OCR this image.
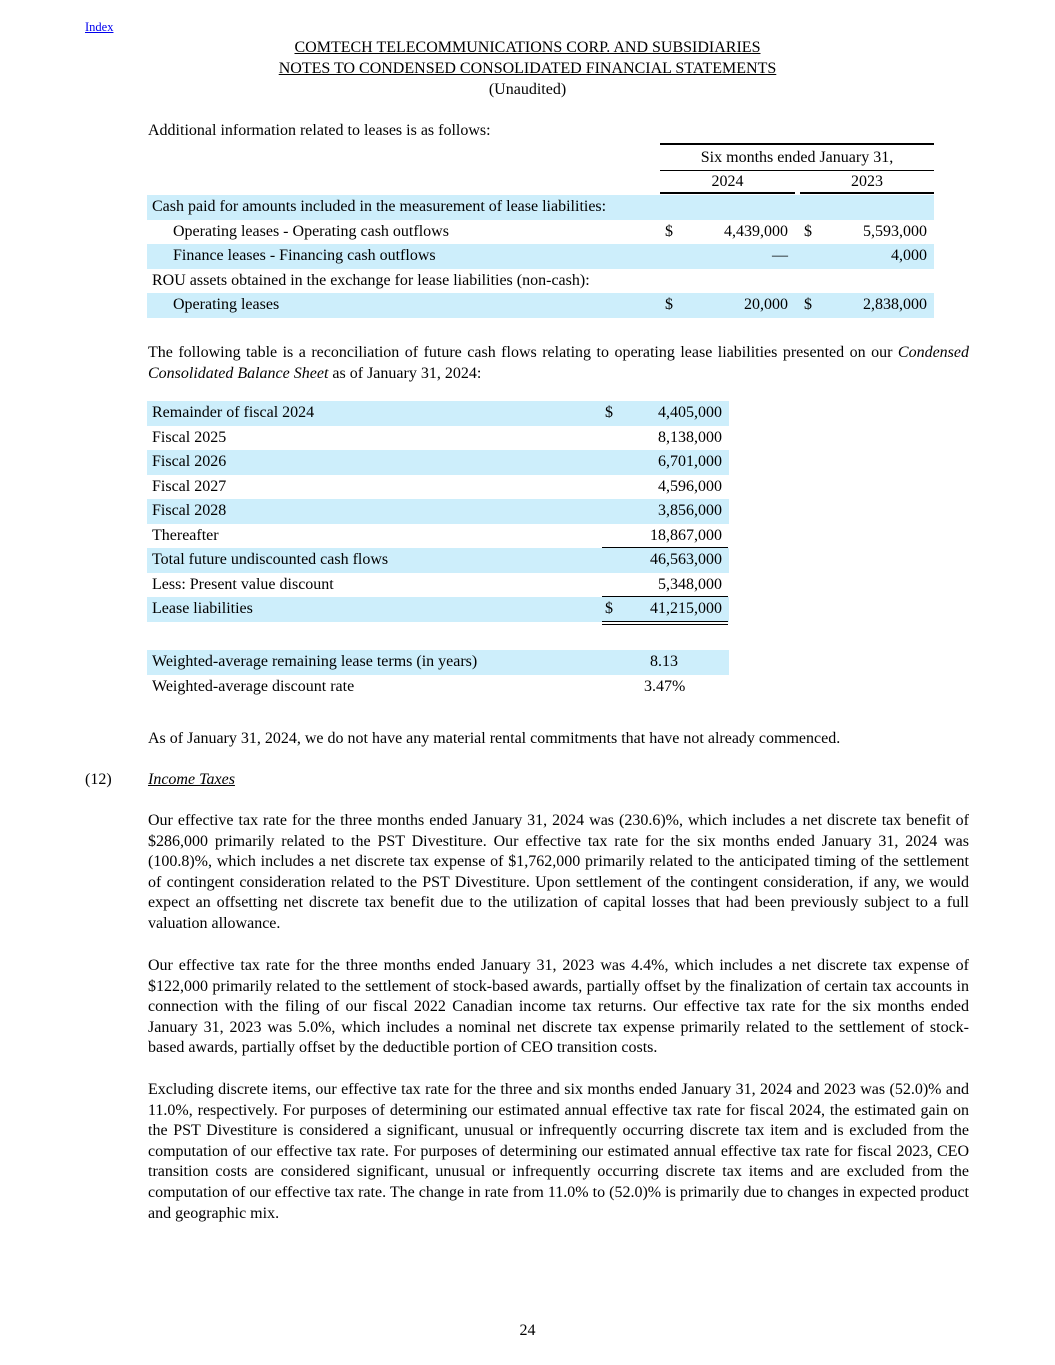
Index
COMTECH TELECOMMUNICATIONS CORP. AND SUBSIDIARIES
NOTES TO CONDENSED CONSOLIDATED FINANCIAL STATEMENTS
(Unaudited)
Additional information related to leases is as follows:
Six months ended January 31,
2024	2023
Cash paid for amounts included in the measurement of lease liabilities:
Operating leases - Operating cash outflows	$	4,439,000 $	5,593,000
Finance leases - Financing cash outflows	—	4,000
ROU assets obtained in the exchange for lease liabilities (non-cash):
Operating leases	$	20,000 $	2,838,000
The following table is a reconciliation of future cash flows relating to operating lease liabilities presented on our Condensed Consolidated Balance Sheet as of January 31, 2024:
Remainder of fiscal 2024	$	4,405,000
Fiscal 2025	8,138,000
Fiscal 2026	6,701,000
Fiscal 2027	4,596,000
Fiscal 2028	3,856,000
Thereafter	18,867,000
Total future undiscounted cash flows	46,563,000
Less: Present value discount	5,348,000
Lease liabilities	$	41,215,000
Weighted-average remaining lease terms (in years)	8.13
Weighted-average discount rate	3.47%
As of January 31, 2024, we do not have any material rental commitments that have not already commenced.
(12) Income Taxes
Our effective tax rate for the three months ended January 31, 2024 was (230.6)%, which includes a net discrete tax benefit of $286,000 primarily related to the PST Divestiture. Our effective tax rate for the six months ended January 31, 2024 was (100.8)%, which includes a net discrete tax expense of $1,762,000 primarily related to the anticipated timing of the settlement of contingent consideration related to the PST Divestiture. Upon settlement of the contingent consideration, if any, we would expect an offsetting net discrete tax benefit due to the utilization of capital losses that had been previously subject to a full valuation allowance.
Our effective tax rate for the three months ended January 31, 2023 was 4.4%, which includes a net discrete tax expense of $122,000 primarily related to the settlement of stock-based awards, partially offset by the finalization of certain tax accounts in connection with the filing of our fiscal 2022 Canadian income tax returns. Our effective tax rate for the six months ended January 31, 2023 was 5.0%, which includes a nominal net discrete tax expense primarily related to the settlement of stock-based awards, partially offset by the deductible portion of CEO transition costs.
Excluding discrete items, our effective tax rate for the three and six months ended January 31, 2024 and 2023 was (52.0)% and 11.0%, respectively. For purposes of determining our estimated annual effective tax rate for fiscal 2024, the estimated gain on the PST Divestiture is considered a significant, unusual or infrequently occurring discrete tax item and is excluded from the computation of our effective tax rate. For purposes of determining our estimated annual effective tax rate for fiscal 2023, CEO transition costs are considered significant, unusual or infrequently occurring discrete tax items and are excluded from the computation of our effective tax rate. The change in rate from 11.0% to (52.0)% is primarily due to changes in expected product and geographic mix.
24
